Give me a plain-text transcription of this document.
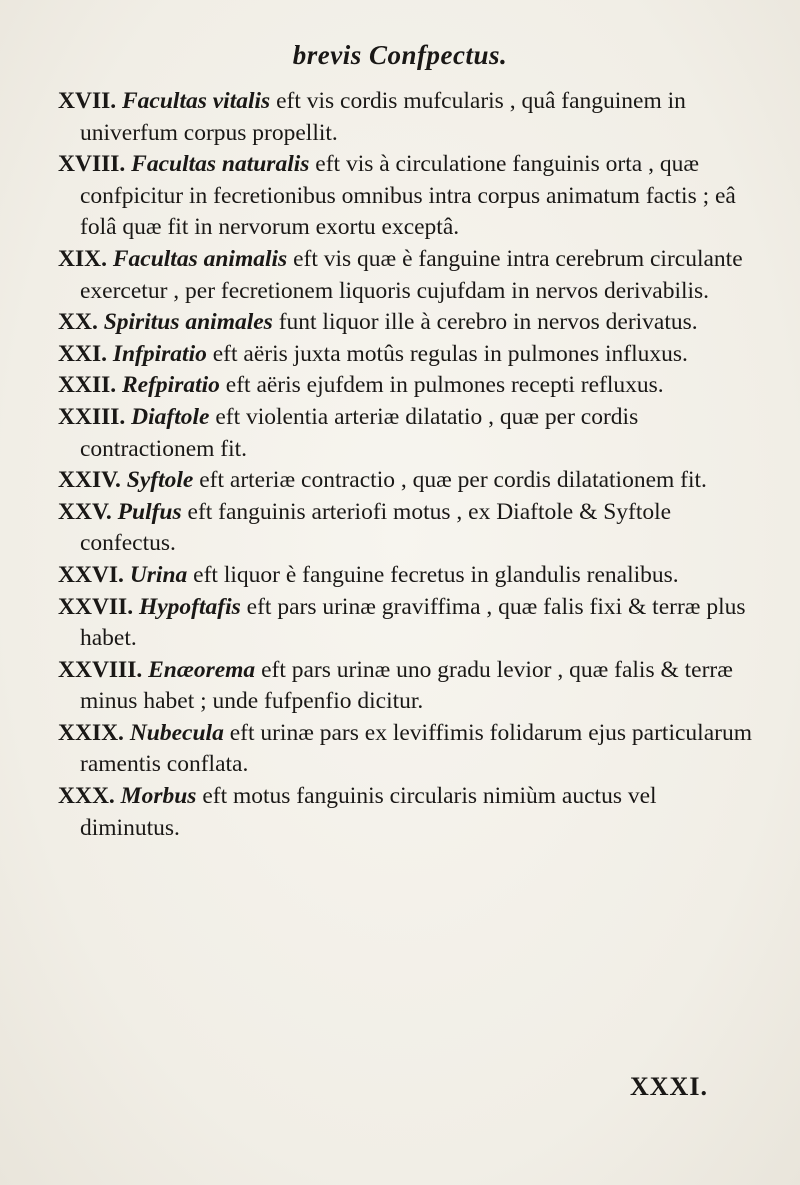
brevis Confpectus.

XVII. Facultas vitalis eft vis cordis mufcularis , quâ fanguinem in univerfum corpus propellit.

XVIII. Facultas naturalis eft vis à circulatione fanguinis orta , quæ confpicitur in fecretionibus omnibus intra corpus animatum factis ; eâ folâ quæ fit in nervorum exortu exceptâ.

XIX. Facultas animalis eft vis quæ è fanguine intra cerebrum circulante exercetur , per fecretionem liquoris cujufdam in nervos derivabilis.

XX. Spiritus animales funt liquor ille à cerebro in nervos derivatus.

XXI. Infpiratio eft aëris juxta motûs regulas in pulmones influxus.

XXII. Refpiratio eft aëris ejufdem in pulmones recepti refluxus.

XXIII. Diaftole eft violentia arteriæ dilatatio , quæ per cordis contractionem fit.

XXIV. Syftole eft arteriæ contractio , quæ per cordis dilatationem fit.

XXV. Pulfus eft fanguinis arteriofi motus , ex Diaftole & Syftole confectus.

XXVI. Urina eft liquor è fanguine fecretus in glandulis renalibus.

XXVII. Hypoftafis eft pars urinæ graviffima , quæ falis fixi & terræ plus habet.

XXVIII. Enæorema eft pars urinæ uno gradu levior , quæ falis & terræ minus habet ; unde fufpenfio dicitur.

XXIX. Nubecula eft urinæ pars ex leviffimis folidarum ejus particularum ramentis conflata.

XXX. Morbus eft motus fanguinis circularis nimiùm auctus vel diminutus.

XXXI.
